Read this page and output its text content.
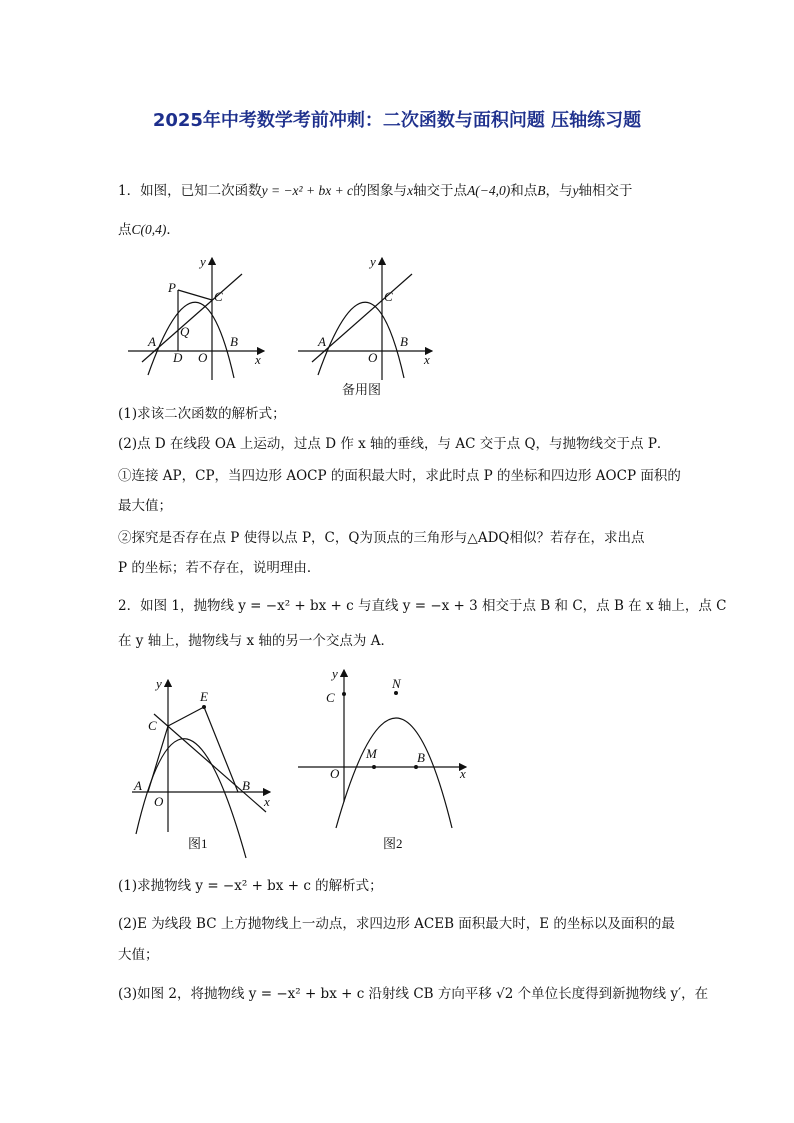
2025年中考数学考前冲刺：二次函数与面积问题 压轴练习题
1．如图，已知二次函数y = −x² + bx + c的图象与x轴交于点A(−4,0)和点B，与y轴相交于
点C(0,4)．
y
P
C
Q
A
D O
B
x
y
C
A
O
B
x
备用图
(1)求该二次函数的解析式；
(2)点 D 在线段 OA 上运动，过点 D 作 x 轴的垂线，与 AC 交于点 Q，与抛物线交于点 P．
①连接 AP，CP，当四边形 AOCP 的面积最大时，求此时点 P 的坐标和四边形 AOCP 面积的
最大值；
②探究是否存在点 P 使得以点 P，C，Q为顶点的三角形与△ADQ相似？若存在，求出点
P 的坐标；若不存在，说明理由．
2．如图 1，抛物线 y = −x² + bx + c 与直线 y = −x + 3 相交于点 B 和 C，点 B 在 x 轴上，点 C
在 y 轴上，抛物线与 x 轴的另一个交点为 A．
y
E
C
A
O
B
x
图1
y
N
C
M	B
O	x
图2
(1)求抛物线 y = −x² + bx + c 的解析式；
(2)E 为线段 BC 上方抛物线上一动点，求四边形 ACEB 面积最大时，E 的坐标以及面积的最
大值；
(3)如图 2，将抛物线 y = −x² + bx + c 沿射线 CB 方向平移 √2 个单位长度得到新抛物线 y′，在
